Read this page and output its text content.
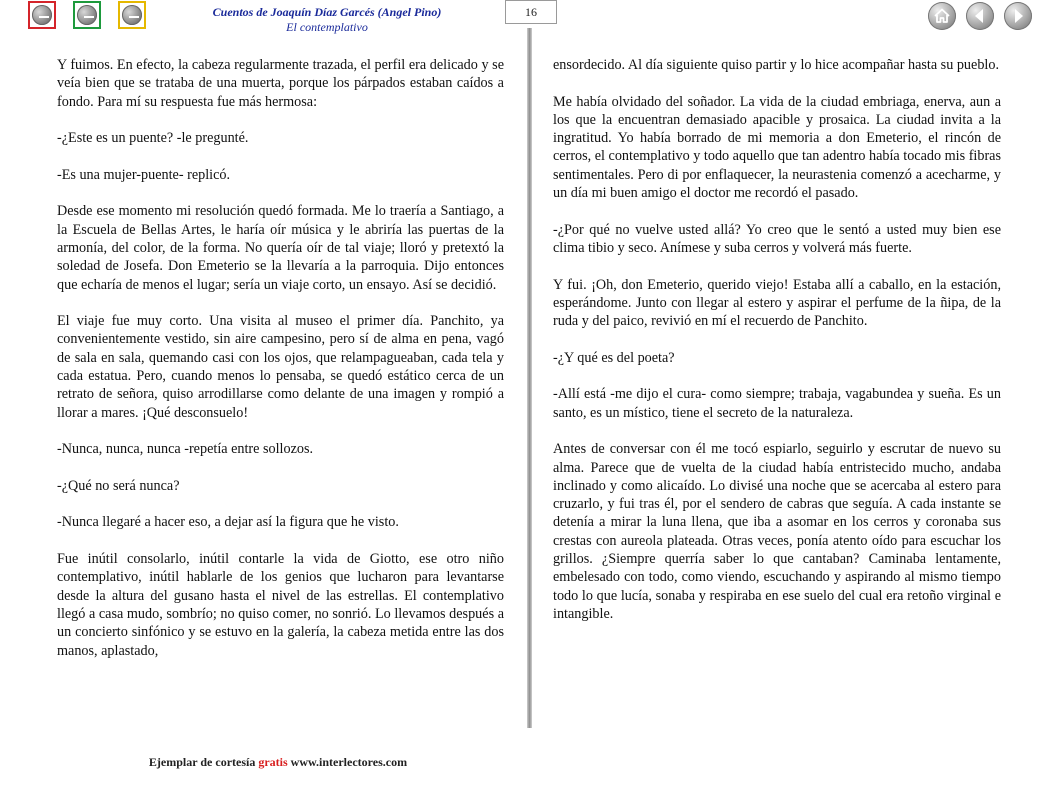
Cuentos de Joaquín Díaz Garcés (Angel Pino)
El contemplativo
16

Y fuimos. En efecto, la cabeza regularmente trazada, el perfil era delicado y se veía bien que se trataba de una muerta, porque los párpados estaban caídos a fondo. Para mí su respuesta fue más hermosa:

-¿Este es un puente? -le pregunté.

-Es una mujer-puente- replicó.

Desde ese momento mi resolución quedó formada. Me lo traería a Santiago, a la Escuela de Bellas Artes, le haría oír música y le abriría las puertas de la armonía, del color, de la forma. No quería oír de tal viaje; lloró y pretextó la soledad de Josefa. Don Emeterio se la llevaría a la parroquia. Dijo entonces que echaría de menos el lugar; sería un viaje corto, un ensayo. Así se decidió.

El viaje fue muy corto. Una visita al museo el primer día. Panchito, ya convenientemente vestido, sin aire campesino, pero sí de alma en pena, vagó de sala en sala, quemando casi con los ojos, que relampagueaban, cada tela y cada estatua. Pero, cuando menos lo pensaba, se quedó estático cerca de un retrato de señora, quiso arrodillarse como delante de una imagen y rompió a llorar a mares. ¡Qué desconsuelo!

-Nunca, nunca, nunca -repetía entre sollozos.

-¿Qué no será nunca?

-Nunca llegaré a hacer eso, a dejar así la figura que he visto.

Fue inútil consolarlo, inútil contarle la vida de Giotto, ese otro niño contemplativo, inútil hablarle de los genios que lucharon para levantarse desde la altura del gusano hasta el nivel de las estrellas. El contemplativo llegó a casa mudo, sombrío; no quiso comer, no sonrió. Lo llevamos después a un concierto sinfónico y se estuvo en la galería, la cabeza metida entre las dos manos, aplastado,

ensordecido. Al día siguiente quiso partir y lo hice acompañar hasta su pueblo.

Me había olvidado del soñador. La vida de la ciudad embriaga, enerva, aun a los que la encuentran demasiado apacible y prosaica. La ciudad invita a la ingratitud. Yo había borrado de mi memoria a don Emeterio, el rincón de cerros, el contemplativo y todo aquello que tan adentro había tocado mis fibras sentimentales. Pero di por enflaquecer, la neurastenia comenzó a acecharme, y un día mi buen amigo el doctor me recordó el pasado.

-¿Por qué no vuelve usted allá? Yo creo que le sentó a usted muy bien ese clima tibio y seco. Anímese y suba cerros y volverá más fuerte.

Y fui. ¡Oh, don Emeterio, querido viejo! Estaba allí a caballo, en la estación, esperándome. Junto con llegar al estero y aspirar el perfume de la ñipa, de la ruda y del paico, revivió en mí el recuerdo de Panchito.

-¿Y qué es del poeta?

-Allí está -me dijo el cura- como siempre; trabaja, vagabundea y sueña. Es un santo, es un místico, tiene el secreto de la naturaleza.

Antes de conversar con él me tocó espiarlo, seguirlo y escrutar de nuevo su alma. Parece que de vuelta de la ciudad había entristecido mucho, andaba inclinado y como alicaído. Lo divisé una noche que se acercaba al estero para cruzarlo, y fui tras él, por el sendero de cabras que seguía. A cada instante se detenía a mirar la luna llena, que iba a asomar en los cerros y coronaba sus crestas con aureola plateada. Otras veces, ponía atento oído para escuchar los grillos. ¿Siempre querría saber lo que cantaban? Caminaba lentamente, embelesado con todo, como viendo, escuchando y aspirando al mismo tiempo todo lo que lucía, sonaba y respiraba en ese suelo del cual era retoño virginal e intangible.

Ejemplar de cortesía gratis www.interlectores.com
